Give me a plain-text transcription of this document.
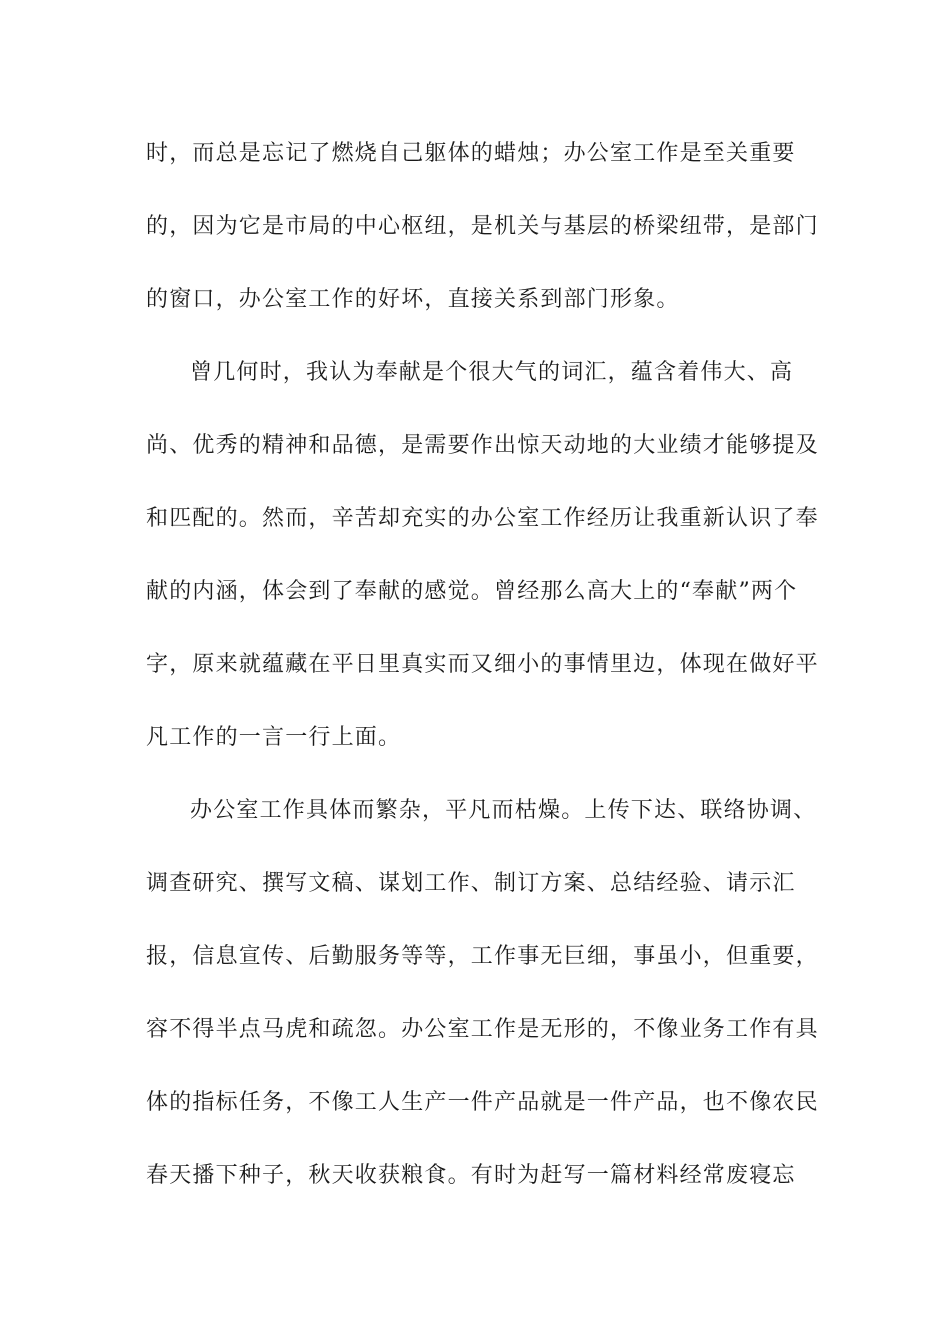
时，而总是忘记了燃烧自己躯体的蜡烛；办公室工作是至关重要
的，因为它是市局的中心枢纽，是机关与基层的桥梁纽带，是部门
的窗口，办公室工作的好坏，直接关系到部门形象。
曾几何时，我认为奉献是个很大气的词汇，蕴含着伟大、高
尚、优秀的精神和品德，是需要作出惊天动地的大业绩才能够提及
和匹配的。然而，辛苦却充实的办公室工作经历让我重新认识了奉
献的内涵，体会到了奉献的感觉。曾经那么高大上的“奉献”两个
字，原来就蕴藏在平日里真实而又细小的事情里边，体现在做好平
凡工作的一言一行上面。
办公室工作具体而繁杂，平凡而枯燥。上传下达、联络协调、
调查研究、撰写文稿、谋划工作、制订方案、总结经验、请示汇
报，信息宣传、后勤服务等等，工作事无巨细，事虽小，但重要，
容不得半点马虎和疏忽。办公室工作是无形的，不像业务工作有具
体的指标任务，不像工人生产一件产品就是一件产品，也不像农民
春天播下种子，秋天收获粮食。有时为赶写一篇材料经常废寝忘
